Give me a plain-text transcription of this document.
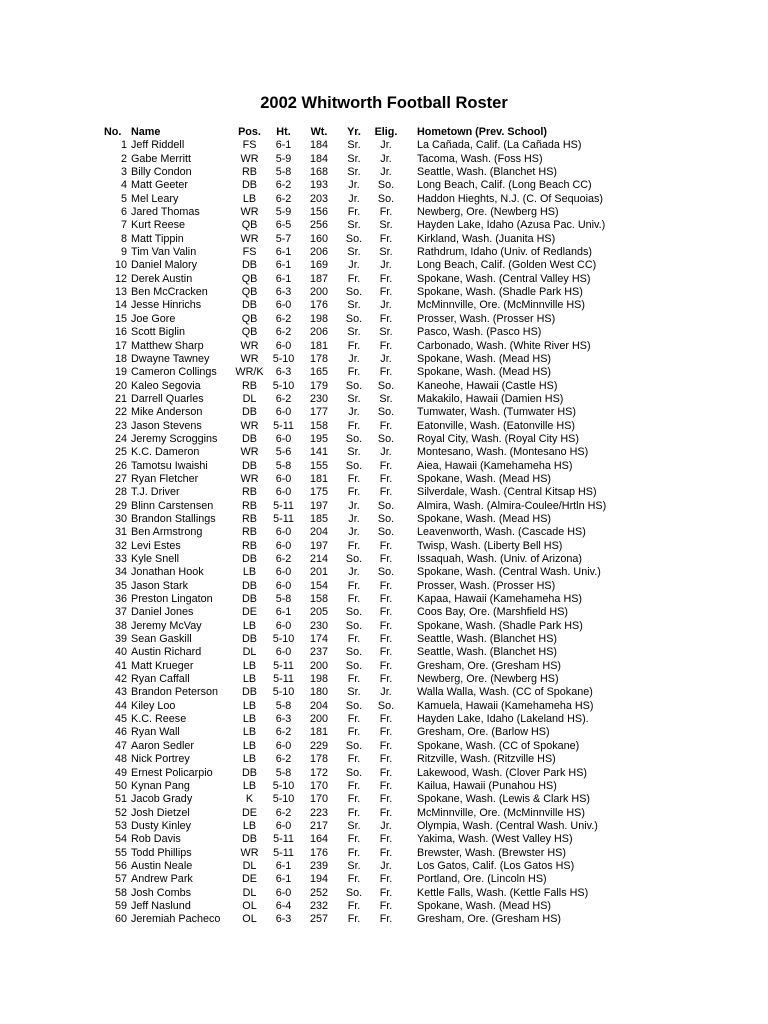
2002 Whitworth Football Roster
No.	Name	Pos.	Ht.	Wt.	Yr.	Elig.	Hometown (Prev. School)
1	Jeff Riddell	FS	6-1	184	Sr.	Jr.	La Cañada, Calif. (La Cañada HS)
2	Gabe Merritt	WR	5-9	184	Sr.	Jr.	Tacoma, Wash. (Foss HS)
3	Billy Condon	RB	5-8	168	Sr.	Jr.	Seattle, Wash. (Blanchet HS)
4	Matt Geeter	DB	6-2	193	Jr.	So.	Long Beach, Calif. (Long Beach CC)
5	Mel Leary	LB	6-2	203	Jr.	So.	Haddon Hieghts, N.J. (C. Of Sequoias)
6	Jared Thomas	WR	5-9	156	Fr.	Fr.	Newberg, Ore. (Newberg HS)
7	Kurt Reese	QB	6-5	256	Sr.	Sr.	Hayden Lake, Idaho (Azusa Pac. Univ.)
8	Matt Tippin	WR	5-7	160	So.	Fr.	Kirkland, Wash. (Juanita HS)
9	Tim Van Valin	FS	6-1	206	Sr.	Sr.	Rathdrum, Idaho (Univ. of Redlands)
10	Daniel Malory	DB	6-1	169	Jr.	Jr.	Long Beach, Calif. (Golden West CC)
12	Derek Austin	QB	6-1	187	Fr.	Fr.	Spokane, Wash. (Central Valley HS)
13	Ben McCracken	QB	6-3	200	So.	Fr.	Spokane, Wash. (Shadle Park HS)
14	Jesse Hinrichs	DB	6-0	176	Sr.	Jr.	McMinnville, Ore. (McMinnville HS)
15	Joe Gore	QB	6-2	198	So.	Fr.	Prosser, Wash. (Prosser HS)
16	Scott Biglin	QB	6-2	206	Sr.	Sr.	Pasco, Wash. (Pasco HS)
17	Matthew Sharp	WR	6-0	181	Fr.	Fr.	Carbonado, Wash. (White River HS)
18	Dwayne Tawney	WR	5-10	178	Jr.	Jr.	Spokane, Wash. (Mead HS)
19	Cameron Collings	WR/K	6-3	165	Fr.	Fr.	Spokane, Wash. (Mead HS)
20	Kaleo Segovia	RB	5-10	179	So.	So.	Kaneohe, Hawaii (Castle HS)
21	Darrell Quarles	DL	6-2	230	Sr.	Sr.	Makakilo, Hawaii (Damien HS)
22	Mike Anderson	DB	6-0	177	Jr.	So.	Tumwater, Wash. (Tumwater HS)
23	Jason Stevens	WR	5-11	158	Fr.	Fr.	Eatonville, Wash. (Eatonville HS)
24	Jeremy Scroggins	DB	6-0	195	So.	So.	Royal City, Wash. (Royal City HS)
25	K.C. Dameron	WR	5-6	141	Sr.	Jr.	Montesano, Wash. (Montesano HS)
26	Tamotsu Iwaishi	DB	5-8	155	So.	Fr.	Aiea, Hawaii (Kamehameha HS)
27	Ryan Fletcher	WR	6-0	181	Fr.	Fr.	Spokane, Wash. (Mead HS)
28	T.J. Driver	RB	6-0	175	Fr.	Fr.	Silverdale, Wash. (Central Kitsap HS)
29	Blinn Carstensen	RB	5-11	197	Jr.	So.	Almira, Wash. (Almira-Coulee/Hrtln HS)
30	Brandon Stallings	RB	5-11	185	Jr.	So.	Spokane, Wash. (Mead HS)
31	Ben Armstrong	RB	6-0	204	Jr.	So.	Leavenworth, Wash. (Cascade HS)
32	Levi Estes	RB	6-0	197	Fr.	Fr.	Twisp, Wash. (Liberty Bell HS)
33	Kyle Snell	DB	6-2	214	So.	Fr.	Issaquah, Wash. (Univ. of Arizona)
34	Jonathan Hook	LB	6-0	201	Jr.	So.	Spokane, Wash. (Central Wash. Univ.)
35	Jason Stark	DB	6-0	154	Fr.	Fr.	Prosser, Wash. (Prosser HS)
36	Preston Lingaton	DB	5-8	158	Fr.	Fr.	Kapaa, Hawaii (Kamehameha HS)
37	Daniel Jones	DE	6-1	205	So.	Fr.	Coos Bay, Ore. (Marshfield HS)
38	Jeremy McVay	LB	6-0	230	So.	Fr.	Spokane, Wash. (Shadle Park HS)
39	Sean Gaskill	DB	5-10	174	Fr.	Fr.	Seattle, Wash. (Blanchet HS)
40	Austin Richard	DL	6-0	237	So.	Fr.	Seattle, Wash. (Blanchet HS)
41	Matt Krueger	LB	5-11	200	So.	Fr.	Gresham, Ore. (Gresham HS)
42	Ryan Caffall	LB	5-11	198	Fr.	Fr.	Newberg, Ore. (Newberg HS)
43	Brandon Peterson	DB	5-10	180	Sr.	Jr.	Walla Walla, Wash. (CC of Spokane)
44	Kiley Loo	LB	5-8	204	So.	So.	Kamuela, Hawaii (Kamehameha HS)
45	K.C. Reese	LB	6-3	200	Fr.	Fr.	Hayden Lake, Idaho (Lakeland HS).
46	Ryan Wall	LB	6-2	181	Fr.	Fr.	Gresham, Ore. (Barlow HS)
47	Aaron Sedler	LB	6-0	229	So.	Fr.	Spokane, Wash. (CC of Spokane)
48	Nick Portrey	LB	6-2	178	Fr.	Fr.	Ritzville, Wash. (Ritzville HS)
49	Ernest Policarpio	DB	5-8	172	So.	Fr.	Lakewood, Wash. (Clover Park HS)
50	Kynan Pang	LB	5-10	170	Fr.	Fr.	Kailua, Hawaii (Punahou HS)
51	Jacob Grady	K	5-10	170	Fr.	Fr.	Spokane, Wash. (Lewis & Clark HS)
52	Josh Dietzel	DE	6-2	223	Fr.	Fr.	McMinnville, Ore. (McMinnville HS)
53	Dusty Kinley	LB	6-0	217	Sr.	Jr.	Olympia, Wash. (Central Wash. Univ.)
54	Rob Davis	DB	5-11	164	Fr.	Fr.	Yakima, Wash. (West Valley HS)
55	Todd Phillips	WR	5-11	176	Fr.	Fr.	Brewster, Wash. (Brewster HS)
56	Austin Neale	DL	6-1	239	Sr.	Jr.	Los Gatos, Calif. (Los Gatos HS)
57	Andrew Park	DE	6-1	194	Fr.	Fr.	Portland, Ore. (Lincoln HS)
58	Josh Combs	DL	6-0	252	So.	Fr.	Kettle Falls, Wash. (Kettle Falls HS)
59	Jeff Naslund	OL	6-4	232	Fr.	Fr.	Spokane, Wash. (Mead HS)
60	Jeremiah Pacheco	OL	6-3	257	Fr.	Fr.	Gresham, Ore. (Gresham HS)
